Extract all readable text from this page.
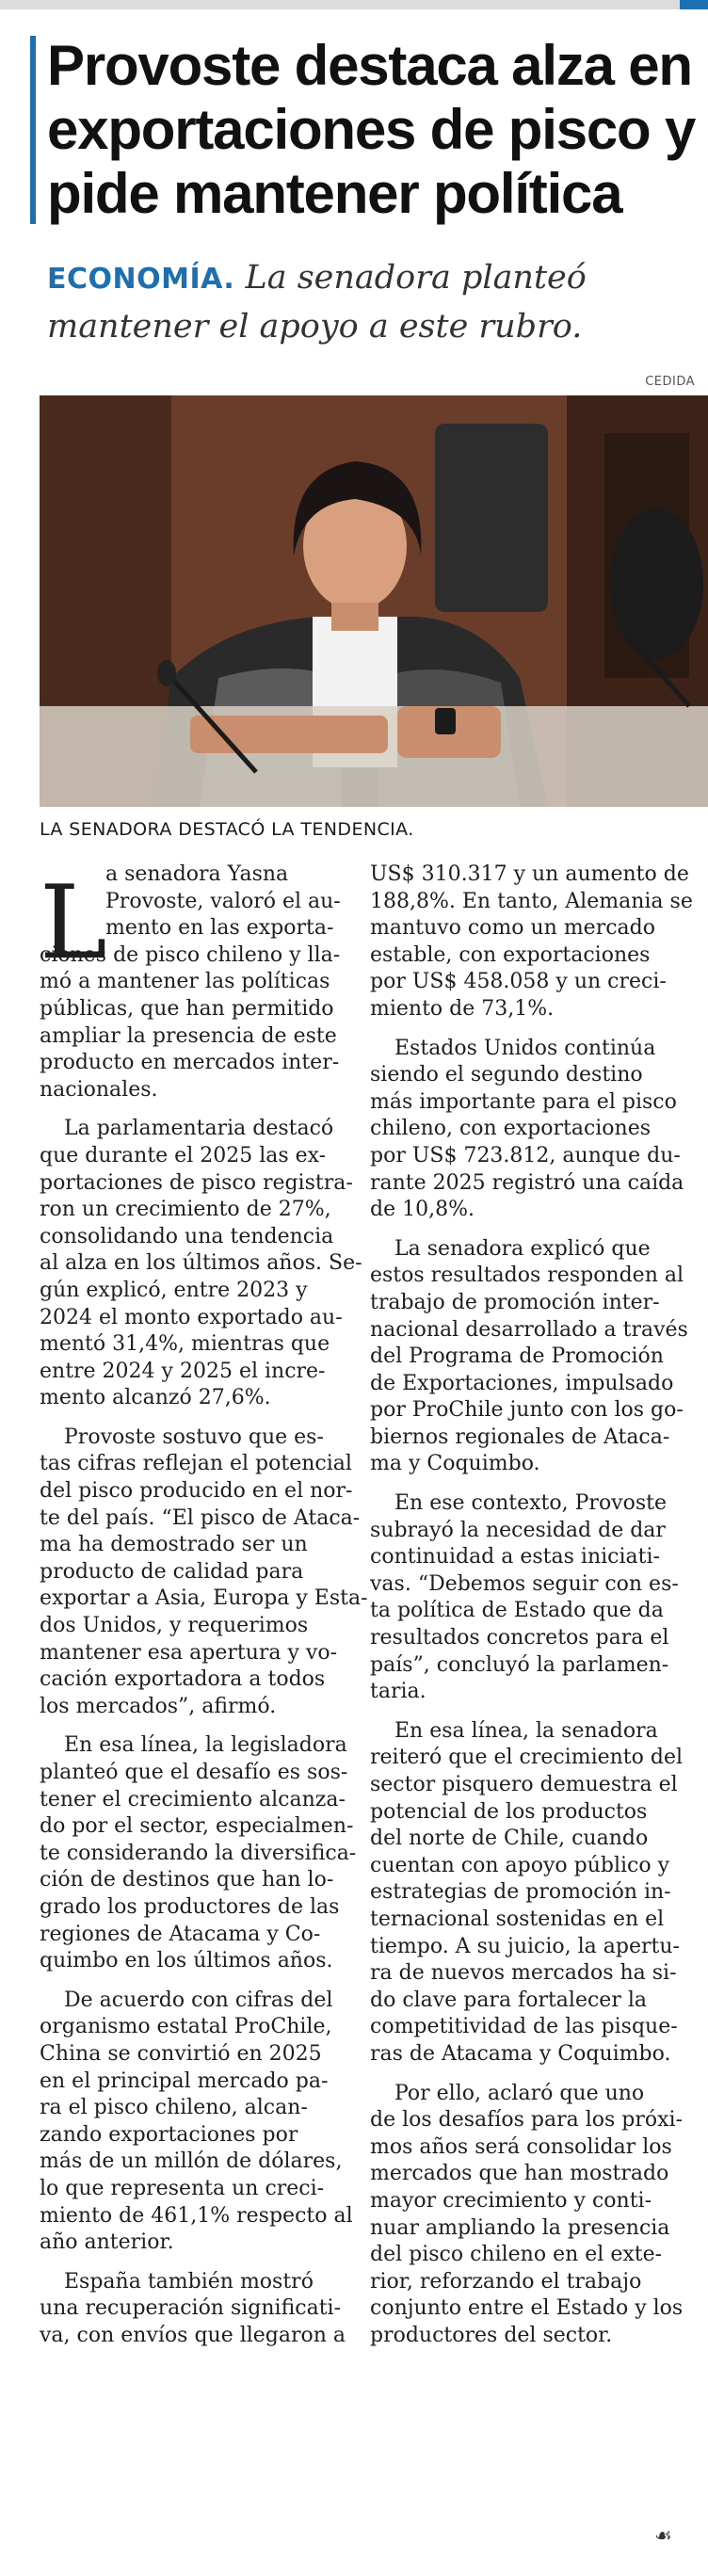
Provoste destaca alza en
exportaciones de pisco y
pide mantener política
ECONOMÍA. La senadora planteó
mantener el apoyo a este rubro.
CEDIDA
LA SENADORA DESTACÓ LA TENDENCIA.
L
a senadora Yasna
Provoste, valoró el au-
mento en las exporta-
ciones de pisco chileno y lla-
mó a mantener las políticas
públicas, que han permitido
ampliar la presencia de este
producto en mercados inter-
nacionales.
La parlamentaria destacó
que durante el 2025 las ex-
portaciones de pisco registra-
ron un crecimiento de 27%,
consolidando una tendencia
al alza en los últimos años. Se-
gún explicó, entre 2023 y
2024 el monto exportado au-
mentó 31,4%, mientras que
entre 2024 y 2025 el incre-
mento alcanzó 27,6%.
Provoste sostuvo que es-
tas cifras reflejan el potencial
del pisco producido en el nor-
te del país. “El pisco de Ataca-
ma ha demostrado ser un
producto de calidad para
exportar a Asia, Europa y Esta-
dos Unidos, y requerimos
mantener esa apertura y vo-
cación exportadora a todos
los mercados”, afirmó.
En esa línea, la legisladora
planteó que el desafío es sos-
tener el crecimiento alcanza-
do por el sector, especialmen-
te considerando la diversifica-
ción de destinos que han lo-
grado los productores de las
regiones de Atacama y Co-
quimbo en los últimos años.
De acuerdo con cifras del
organismo estatal ProChile,
China se convirtió en 2025
en el principal mercado pa-
ra el pisco chileno, alcan-
zando exportaciones por
más de un millón de dólares,
lo que representa un creci-
miento de 461,1% respecto al
año anterior.
España también mostró
una recuperación significati-
va, con envíos que llegaron a
US$ 310.317 y un aumento de
188,8%. En tanto, Alemania se
mantuvo como un mercado
estable, con exportaciones
por US$ 458.058 y un creci-
miento de 73,1%.
Estados Unidos continúa
siendo el segundo destino
más importante para el pisco
chileno, con exportaciones
por US$ 723.812, aunque du-
rante 2025 registró una caída
de 10,8%.
La senadora explicó que
estos resultados responden al
trabajo de promoción inter-
nacional desarrollado a través
del Programa de Promoción
de Exportaciones, impulsado
por ProChile junto con los go-
biernos regionales de Ataca-
ma y Coquimbo.
En ese contexto, Provoste
subrayó la necesidad de dar
continuidad a estas iniciati-
vas. “Debemos seguir con es-
ta política de Estado que da
resultados concretos para el
país”, concluyó la parlamen-
taria.
En esa línea, la senadora
reiteró que el crecimiento del
sector pisquero demuestra el
potencial de los productos
del norte de Chile, cuando
cuentan con apoyo público y
estrategias de promoción in-
ternacional sostenidas en el
tiempo. A su juicio, la apertu-
ra de nuevos mercados ha si-
do clave para fortalecer la
competitividad de las pisque-
ras de Atacama y Coquimbo.
Por ello, aclaró que uno
de los desafíos para los próxi-
mos años será consolidar los
mercados que han mostrado
mayor crecimiento y conti-
nuar ampliando la presencia
del pisco chileno en el exte-
rior, reforzando el trabajo
conjunto entre el Estado y los
productores del sector.
☙
